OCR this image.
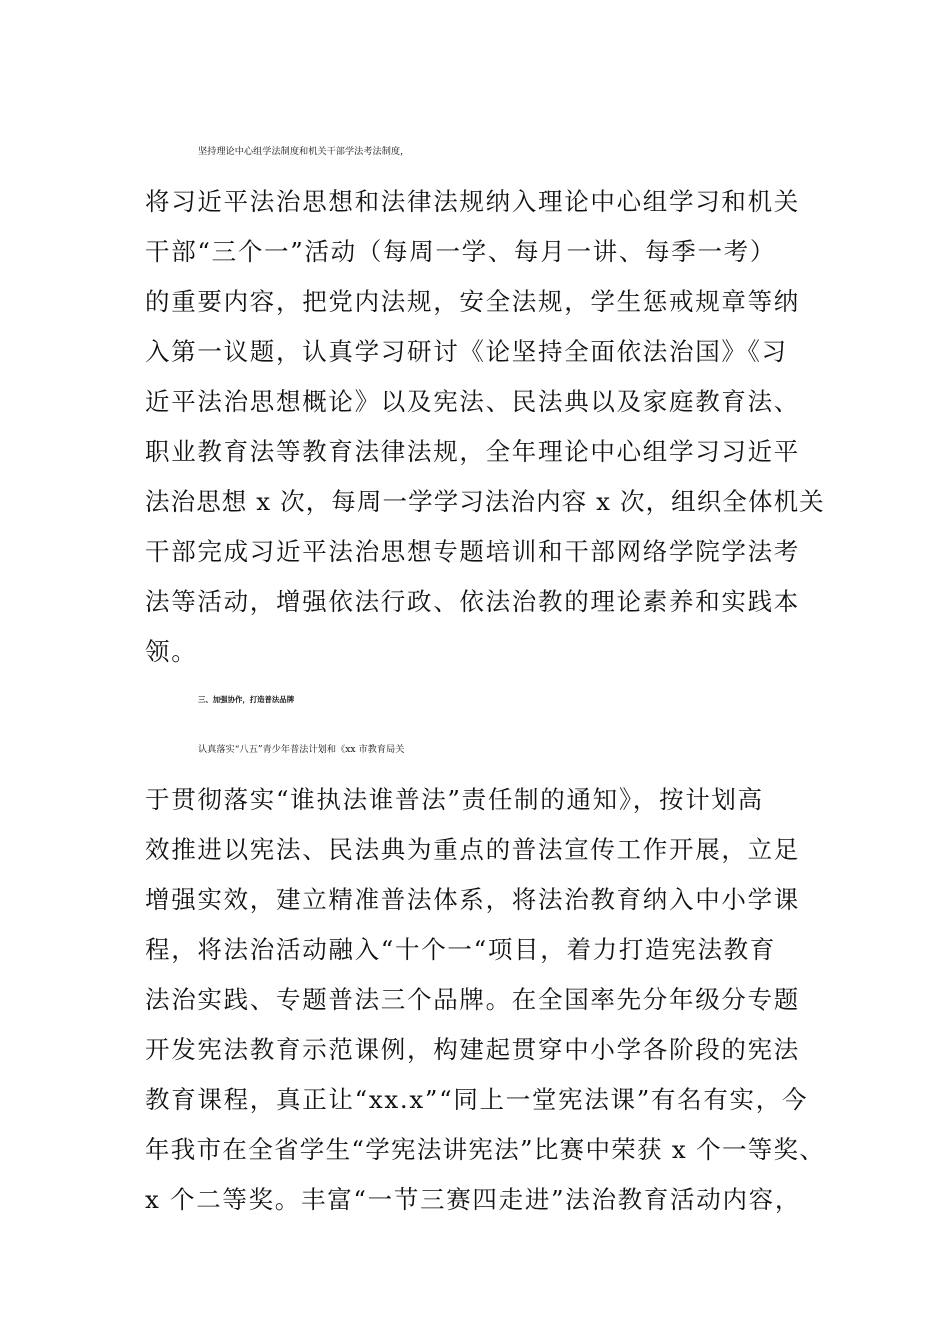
坚持理论中心组学法制度和机关干部学法考法制度，
将习近平法治思想和法律法规纳入理论中心组学习和机关
干部“三个一”活动（每周一学、每月一讲、每季一考）
的重要内容，把党内法规，安全法规，学生惩戒规章等纳
入第一议题，认真学习研讨《论坚持全面依法治国》《习
近平法治思想概论》以及宪法、民法典以及家庭教育法、
职业教育法等教育法律法规，全年理论中心组学习习近平
法治思想 x 次，每周一学学习法治内容 x 次，组织全体机关
干部完成习近平法治思想专题培训和干部网络学院学法考
法等活动，增强依法行政、依法治教的理论素养和实践本
领。
三、加强协作，打造普法品牌
认真落实“八五”青少年普法计划和《xx 市教育局关
于贯彻落实“谁执法谁普法”责任制的通知》，按计划高
效推进以宪法、民法典为重点的普法宣传工作开展，立足
增强实效，建立精准普法体系，将法治教育纳入中小学课
程，将法治活动融入“十个一“项目，着力打造宪法教育
法治实践、专题普法三个品牌。在全国率先分年级分专题
开发宪法教育示范课例，构建起贯穿中小学各阶段的宪法
教育课程，真正让“xx.x”“同上一堂宪法课”有名有实，今
年我市在全省学生“学宪法讲宪法”比赛中荣获 x 个一等奖、
x 个二等奖。丰富“一节三赛四走进”法治教育活动内容，
